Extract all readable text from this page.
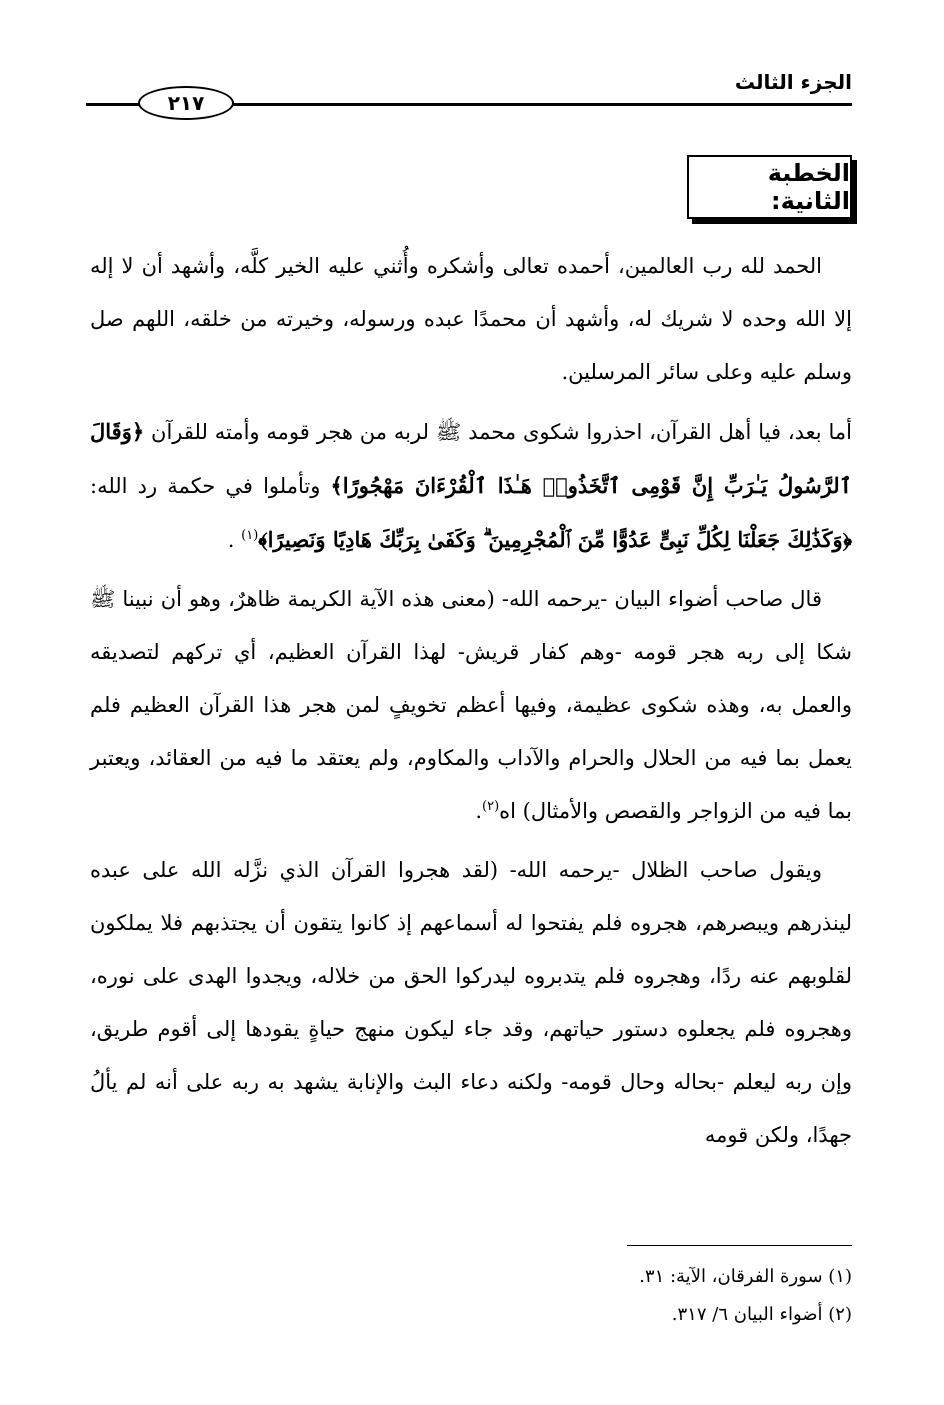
٢١٧
الجزء الثالث
الخطبة الثانية:

الحمد لله رب العالمين، أحمده تعالى وأشكره وأُثني عليه الخير كلَّه، وأشهد أن لا إله إلا الله وحده لا شريك له، وأشهد أن محمدًا عبده ورسوله، وخيرته من خلقه، اللهم صل وسلم عليه وعلى سائر المرسلين.

أما بعد، فيا أهل القرآن، احذروا شكوى محمد ﷺ لربه من هجر قومه وأمته للقرآن ﴿وَقَالَ ٱلرَّسُولُ يَـٰرَبِّ إِنَّ قَوْمِى ٱتَّخَذُوا۟ هَـٰذَا ٱلْقُرْءَانَ مَهْجُورًا﴾ وتأملوا في حكمة رد الله: ﴿وَكَذَٰلِكَ جَعَلْنَا لِكُلِّ نَبِىٍّ عَدُوًّا مِّنَ ٱلْمُجْرِمِينَ ۗ وَكَفَىٰ بِرَبِّكَ هَادِيًا وَنَصِيرًا﴾$^{(١)}$ .

قال صاحب أضواء البيان -يرحمه الله- (معنى هذه الآية الكريمة ظاهرٌ، وهو أن نبينا ﷺ شكا إلى ربه هجر قومه -وهم كفار قريش- لهذا القرآن العظيم، أي تركهم لتصديقه والعمل به، وهذه شكوى عظيمة، وفيها أعظم تخويفٍ لمن هجر هذا القرآن العظيم فلم يعمل بما فيه من الحلال والحرام والآداب والمكاوم، ولم يعتقد ما فيه من العقائد، ويعتبر بما فيه من الزواجر والقصص والأمثال) اه$^{(٢)}$.

ويقول صاحب الظلال -يرحمه الله- (لقد هجروا القرآن الذي نزَّله الله على عبده لينذرهم ويبصرهم، هجروه فلم يفتحوا له أسماعهم إذ كانوا يتقون أن يجتذبهم فلا يملكون لقلوبهم عنه ردًا، وهجروه فلم يتدبروه ليدركوا الحق من خلاله، ويجدوا الهدى على نوره، وهجروه فلم يجعلوه دستور حياتهم، وقد جاء ليكون منهج حياةٍ يقودها إلى أقوم طريق، وإن ربه ليعلم -بحاله وحال قومه- ولكنه دعاء البث والإنابة يشهد به ربه على أنه لم يألُ جهدًا، ولكن قومه

(١) سورة الفرقان، الآية: ٣١.

(٢) أضواء البيان ٦/ ٣١٧.
